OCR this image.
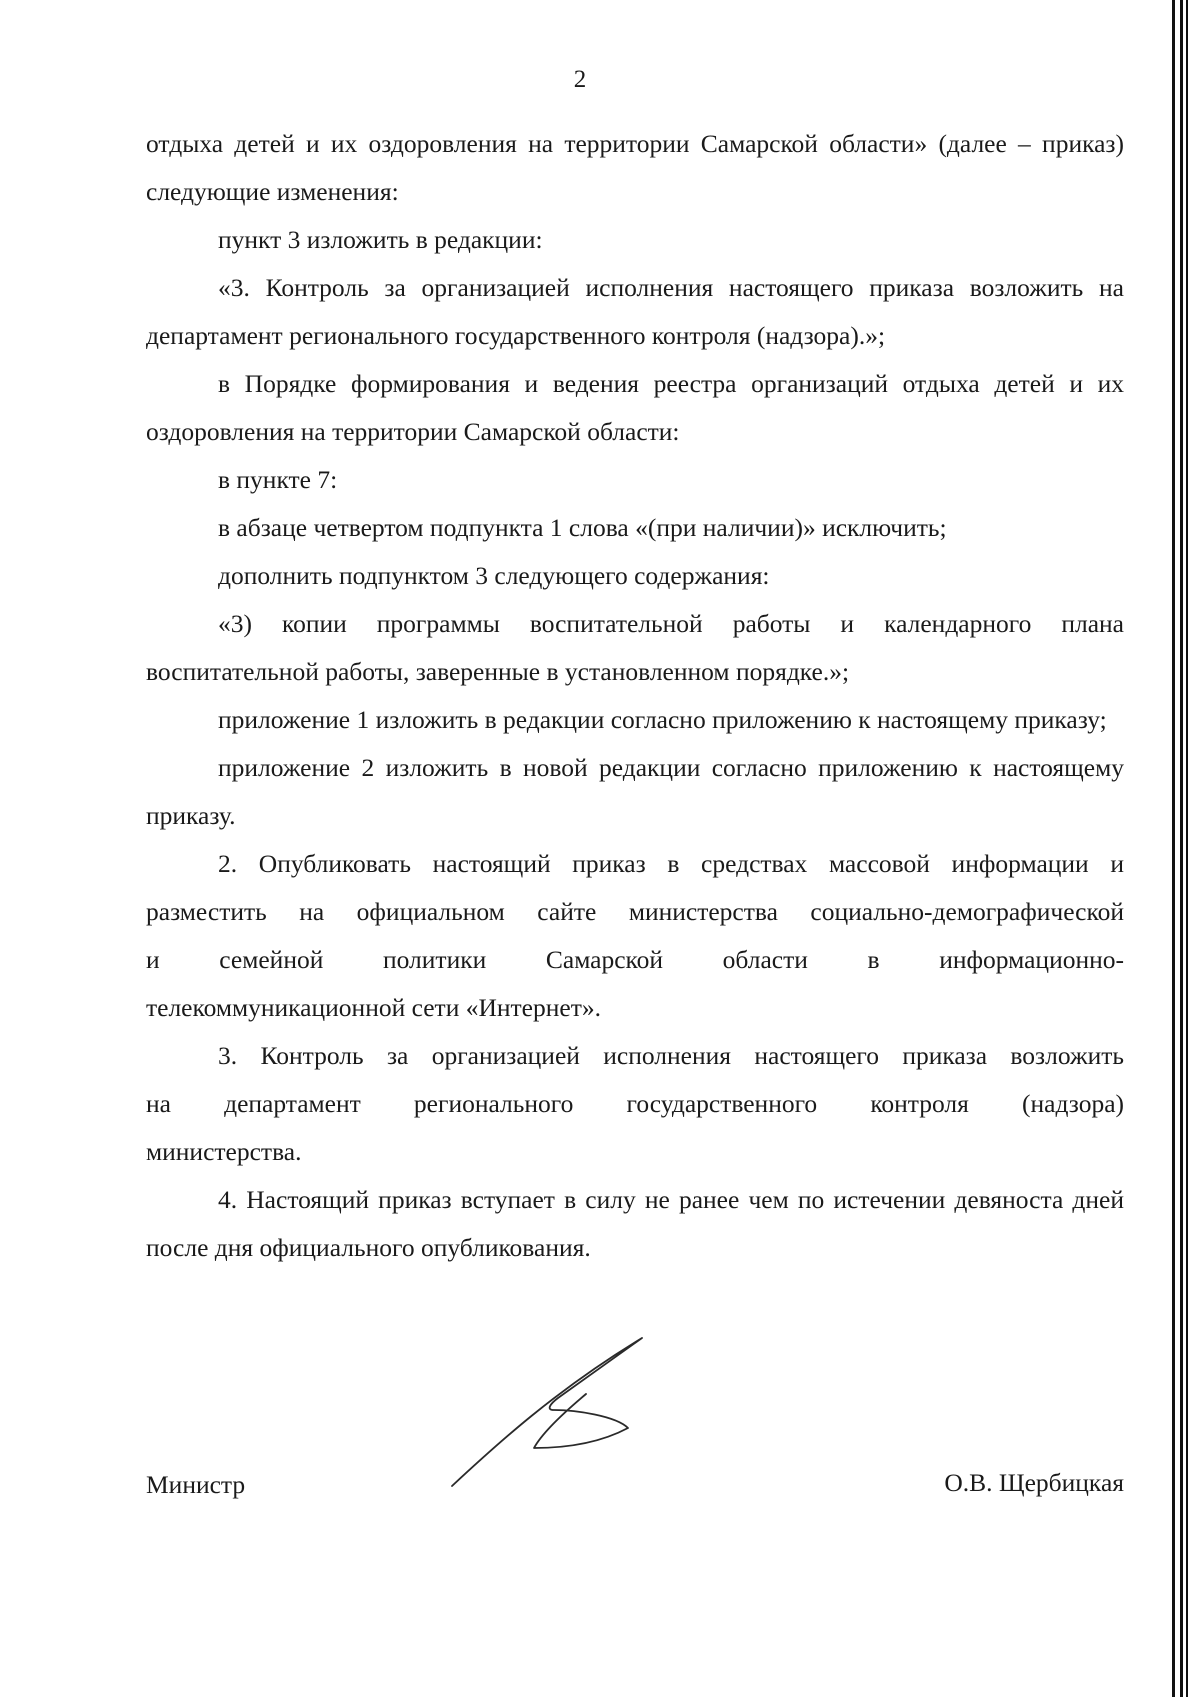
2

отдыха детей и их оздоровления на территории Самарской области» (далее – приказ) следующие изменения:

пункт 3 изложить в редакции:

«3. Контроль за организацией исполнения настоящего приказа возложить на департамент регионального государственного контроля (надзора).»;

в Порядке формирования и ведения реестра организаций отдыха детей и их оздоровления на территории Самарской области:

в пункте 7:

в абзаце четвертом подпункта 1 слова «(при наличии)» исключить;

дополнить подпунктом 3 следующего содержания:

«3) копии программы воспитательной работы и календарного плана воспитательной работы, заверенные в установленном порядке.»;

приложение 1 изложить в редакции согласно приложению к настоящему приказу;

приложение 2 изложить в новой редакции согласно приложению к настоящему приказу.

2. Опубликовать настоящий приказ в средствах массовой информации и разместить на официальном сайте министерства социально-демографической

и семейной политики Самарской области в информационно-

телекоммуникационной сети «Интернет».

3. Контроль за организацией исполнения настоящего приказа возложить

на департамент регионального государственного контроля (надзора)

министерства.

4. Настоящий приказ вступает в силу не ранее чем по истечении девяноста дней после дня официального опубликования.

Министр	О.В. Щербицкая
